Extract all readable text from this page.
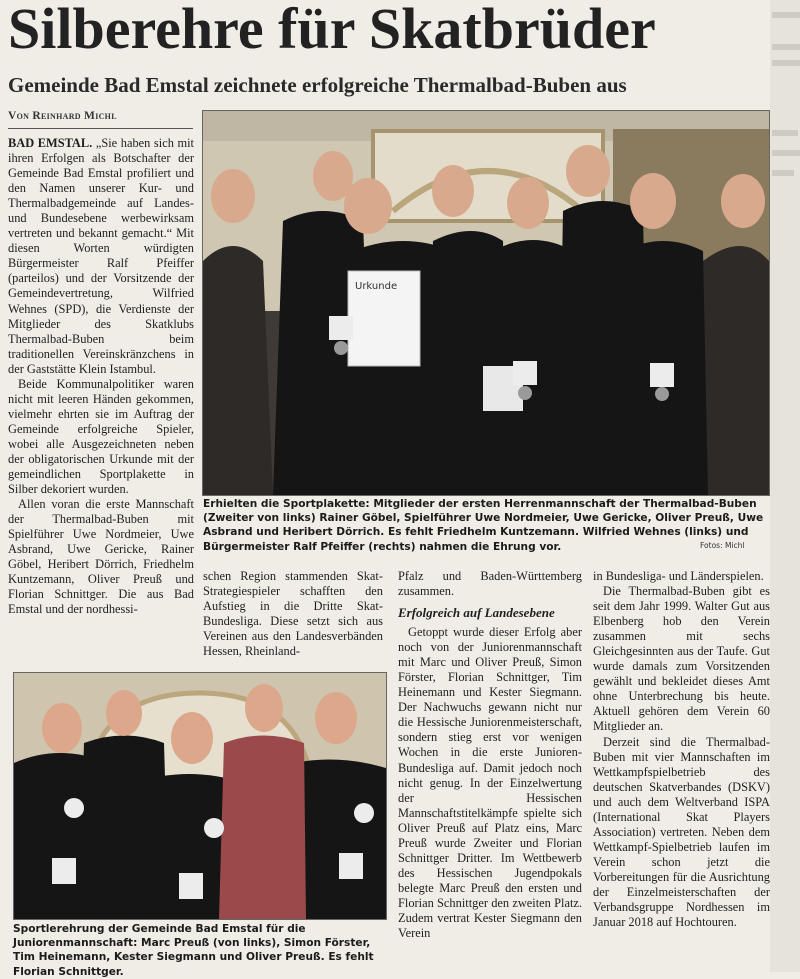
Silberehre für Skatbrüder
Gemeinde Bad Emstal zeichnete erfolgreiche Thermalbad-Buben aus
Von Reinhard Michl

BAD EMSTAL. „Sie haben sich mit ihren Erfolgen als Botschafter der Gemeinde Bad Emstal profiliert und den Namen unserer Kur- und Thermalbadgemeinde auf Landes- und Bundesebene werbewirksam vertreten und bekannt gemacht.“ Mit diesen Worten würdigten Bürgermeister Ralf Pfeiffer (parteilos) und der Vorsitzende der Gemeindevertretung, Wilfried Wehnes (SPD), die Verdienste der Mitglieder des Skatklubs Thermalbad-Buben beim traditionellen Vereinskränzchens in der Gaststätte Klein Istambul.

Beide Kommunalpolitiker waren nicht mit leeren Händen gekommen, vielmehr ehrten sie im Auftrag der Gemeinde erfolgreiche Spieler, wobei alle Ausgezeichneten neben der obligatorischen Urkunde mit der gemeindlichen Sportplakette in Silber dekoriert wurden.

Allen voran die erste Mannschaft der Thermalbad-Buben mit Spielführer Uwe Nordmeier, Uwe Asbrand, Uwe Gericke, Rainer Göbel, Heribert Dörrich, Friedhelm Kuntzemann, Oliver Preuß und Florian Schnittger. Die aus Bad Emstal und der nordhessi-

Urkunde
Erhielten die Sportplakette: Mitglieder der ersten Herrenmannschaft der Thermalbad-Buben (Zweiter von links) Rainer Göbel, Spielführer Uwe Nordmeier, Uwe Gericke, Oliver Preuß, Uwe Asbrand und Heribert Dörrich. Es fehlt Friedhelm Kuntzemann. Wilfried Wehnes (links) und Bürgermeister Ralf Pfeiffer (rechts) nahmen die Ehrung vor.	Fotos: Michl

schen Region stammenden Skat-Strategiespieler schafften den Aufstieg in die Dritte Skat-Bundesliga. Diese setzt sich aus Vereinen aus den Landesverbänden Hessen, Rheinland-

Pfalz und Baden-Württemberg zusammen.

Erfolgreich auf Landesebene

Getoppt wurde dieser Erfolg aber noch von der Juniorenmannschaft mit Marc und Oliver Preuß, Simon Förster, Florian Schnittger, Tim Heinemann und Kester Siegmann. Der Nachwuchs gewann nicht nur die Hessische Juniorenmeisterschaft, sondern stieg erst vor wenigen Wochen in die erste Junioren-Bundesliga auf. Damit jedoch noch nicht genug. In der Einzelwertung der Hessischen Mannschaftstitelkämpfe spielte sich Oliver Preuß auf Platz eins, Marc Preuß wurde Zweiter und Florian Schnittger Dritter. Im Wettbewerb des Hessischen Jugendpokals belegte Marc Preuß den ersten und Florian Schnittger den zweiten Platz. Zudem vertrat Kester Siegmann den Verein

in Bundesliga- und Länderspielen.

Die Thermalbad-Buben gibt es seit dem Jahr 1999. Walter Gut aus Elbenberg hob den Verein zusammen mit sechs Gleichgesinnten aus der Taufe. Gut wurde damals zum Vorsitzenden gewählt und bekleidet dieses Amt ohne Unterbrechung bis heute. Aktuell gehören dem Verein 60 Mitglieder an.

Derzeit sind die Thermalbad-Buben mit vier Mannschaften im Wettkampfspielbetrieb des deutschen Skatverbandes (DSKV) und auch dem Weltverband ISPA (International Skat Players Association) vertreten. Neben dem Wettkampf-Spielbetrieb laufen im Verein schon jetzt die Vorbereitungen für die Ausrichtung der Einzelmeisterschaften der Verbandsgruppe Nordhessen im Januar 2018 auf Hochtouren.

Sportlerehrung der Gemeinde Bad Emstal für die Juniorenmannschaft: Marc Preuß (von links), Simon Förster, Tim Heinemann, Kester Siegmann und Oliver Preuß. Es fehlt Florian Schnittger.
